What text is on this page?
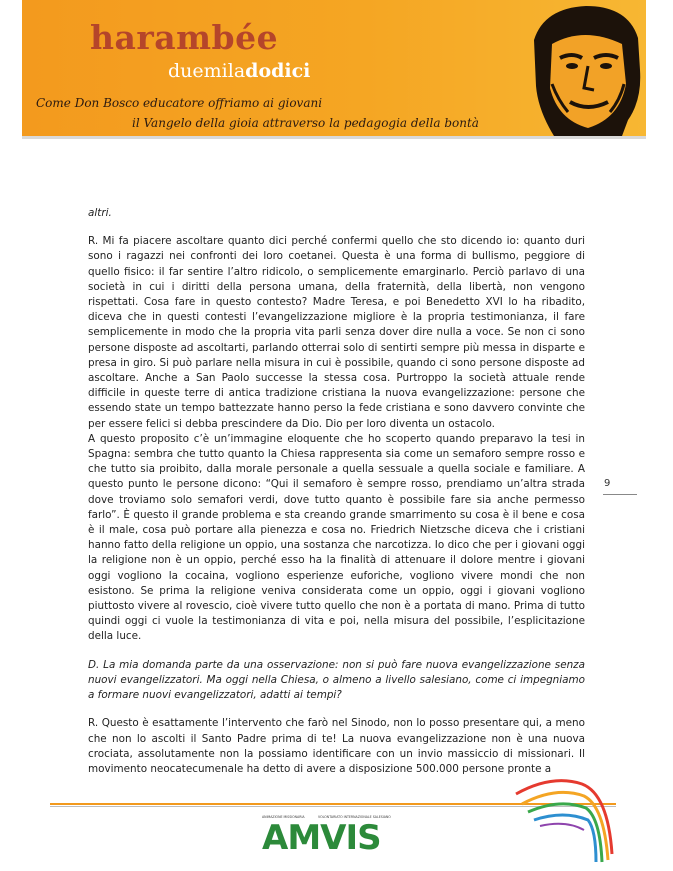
harambée
duemiladodici
Come Don Bosco educatore offriamo ai giovani
il Vangelo della gioia attraverso la pedagogia della bontà

altri.

R. Mi fa piacere ascoltare quanto dici perché confermi quello che sto dicendo io: quanto duri sono i ragazzi nei confronti dei loro coetanei. Questa è una forma di bullismo, peggiore di quello fisico: il far sentire l’altro ridicolo, o semplicemente emarginarlo. Perciò parlavo di una società in cui i diritti della persona umana, della fraternità, della libertà, non vengono rispettati. Cosa fare in questo contesto? Madre Teresa, e poi Benedetto XVI lo ha ribadito, diceva che in questi contesti l’evangelizzazione migliore è la propria testimonianza, il fare semplicemente in modo che la propria vita parli senza dover dire nulla a voce. Se non ci sono persone disposte ad ascoltarti, parlando otterrai solo di sentirti sempre più messa in disparte e presa in giro. Si può parlare nella misura in cui è possibile, quando ci sono persone disposte ad ascoltare. Anche a San Paolo successe la stessa cosa. Purtroppo la società attuale rende difficile in queste terre di antica tradizione cristiana la nuova evangelizzazione: persone che essendo state un tempo battezzate hanno perso la fede cristiana e sono davvero convinte che per essere felici si debba prescindere da Dio. Dio per loro diventa un ostacolo.

A questo proposito c’è un’immagine eloquente che ho scoperto quando preparavo la tesi in Spagna: sembra che tutto quanto la Chiesa rappresenta sia come un semaforo sempre rosso e che tutto sia proibito, dalla morale personale a quella sessuale a quella sociale e familiare. A questo punto le persone dicono: “Qui il semaforo è sempre rosso, prendiamo un’altra strada dove troviamo solo semafori verdi, dove tutto quanto è possibile fare sia anche permesso farlo”. È questo il grande problema e sta creando grande smarrimento su cosa è il bene e cosa è il male, cosa può portare alla pienezza e cosa no. Friedrich Nietzsche diceva che i cristiani hanno fatto della religione un oppio, una sostanza che narcotizza. Io dico che per i giovani oggi la religione non è un oppio, perché esso ha la finalità di attenuare il dolore mentre i giovani oggi vogliono la cocaina, vogliono esperienze euforiche, vogliono vivere mondi che non esistono. Se prima la religione veniva considerata come un oppio, oggi i giovani vogliono piuttosto vivere al rovescio, cioè vivere tutto quello che non è a portata di mano. Prima di tutto quindi oggi ci vuole la testimonianza di vita e poi, nella misura del possibile, l’esplicitazione della luce.

D. La mia domanda parte da una osservazione: non si può fare nuova evangelizzazione senza nuovi evangelizzatori. Ma oggi nella Chiesa, o almeno a livello salesiano, come ci impegniamo a formare nuovi evangelizzatori, adatti ai tempi?

R. Questo è esattamente l’intervento che farò nel Sinodo, non lo posso presentare qui, a meno che non lo ascolti il Santo Padre prima di te! La nuova evangelizzazione non è una nuova crociata, assolutamente non la possiamo identificare con un invio massiccio di missionari. Il movimento neocatecumenale ha detto di avere a disposizione 500.000 persone pronte a

9
ANIMAZIONE MISSIONARIA	VOLONTARIATO INTERNAZIONALE SALESIANO
AMVIS
